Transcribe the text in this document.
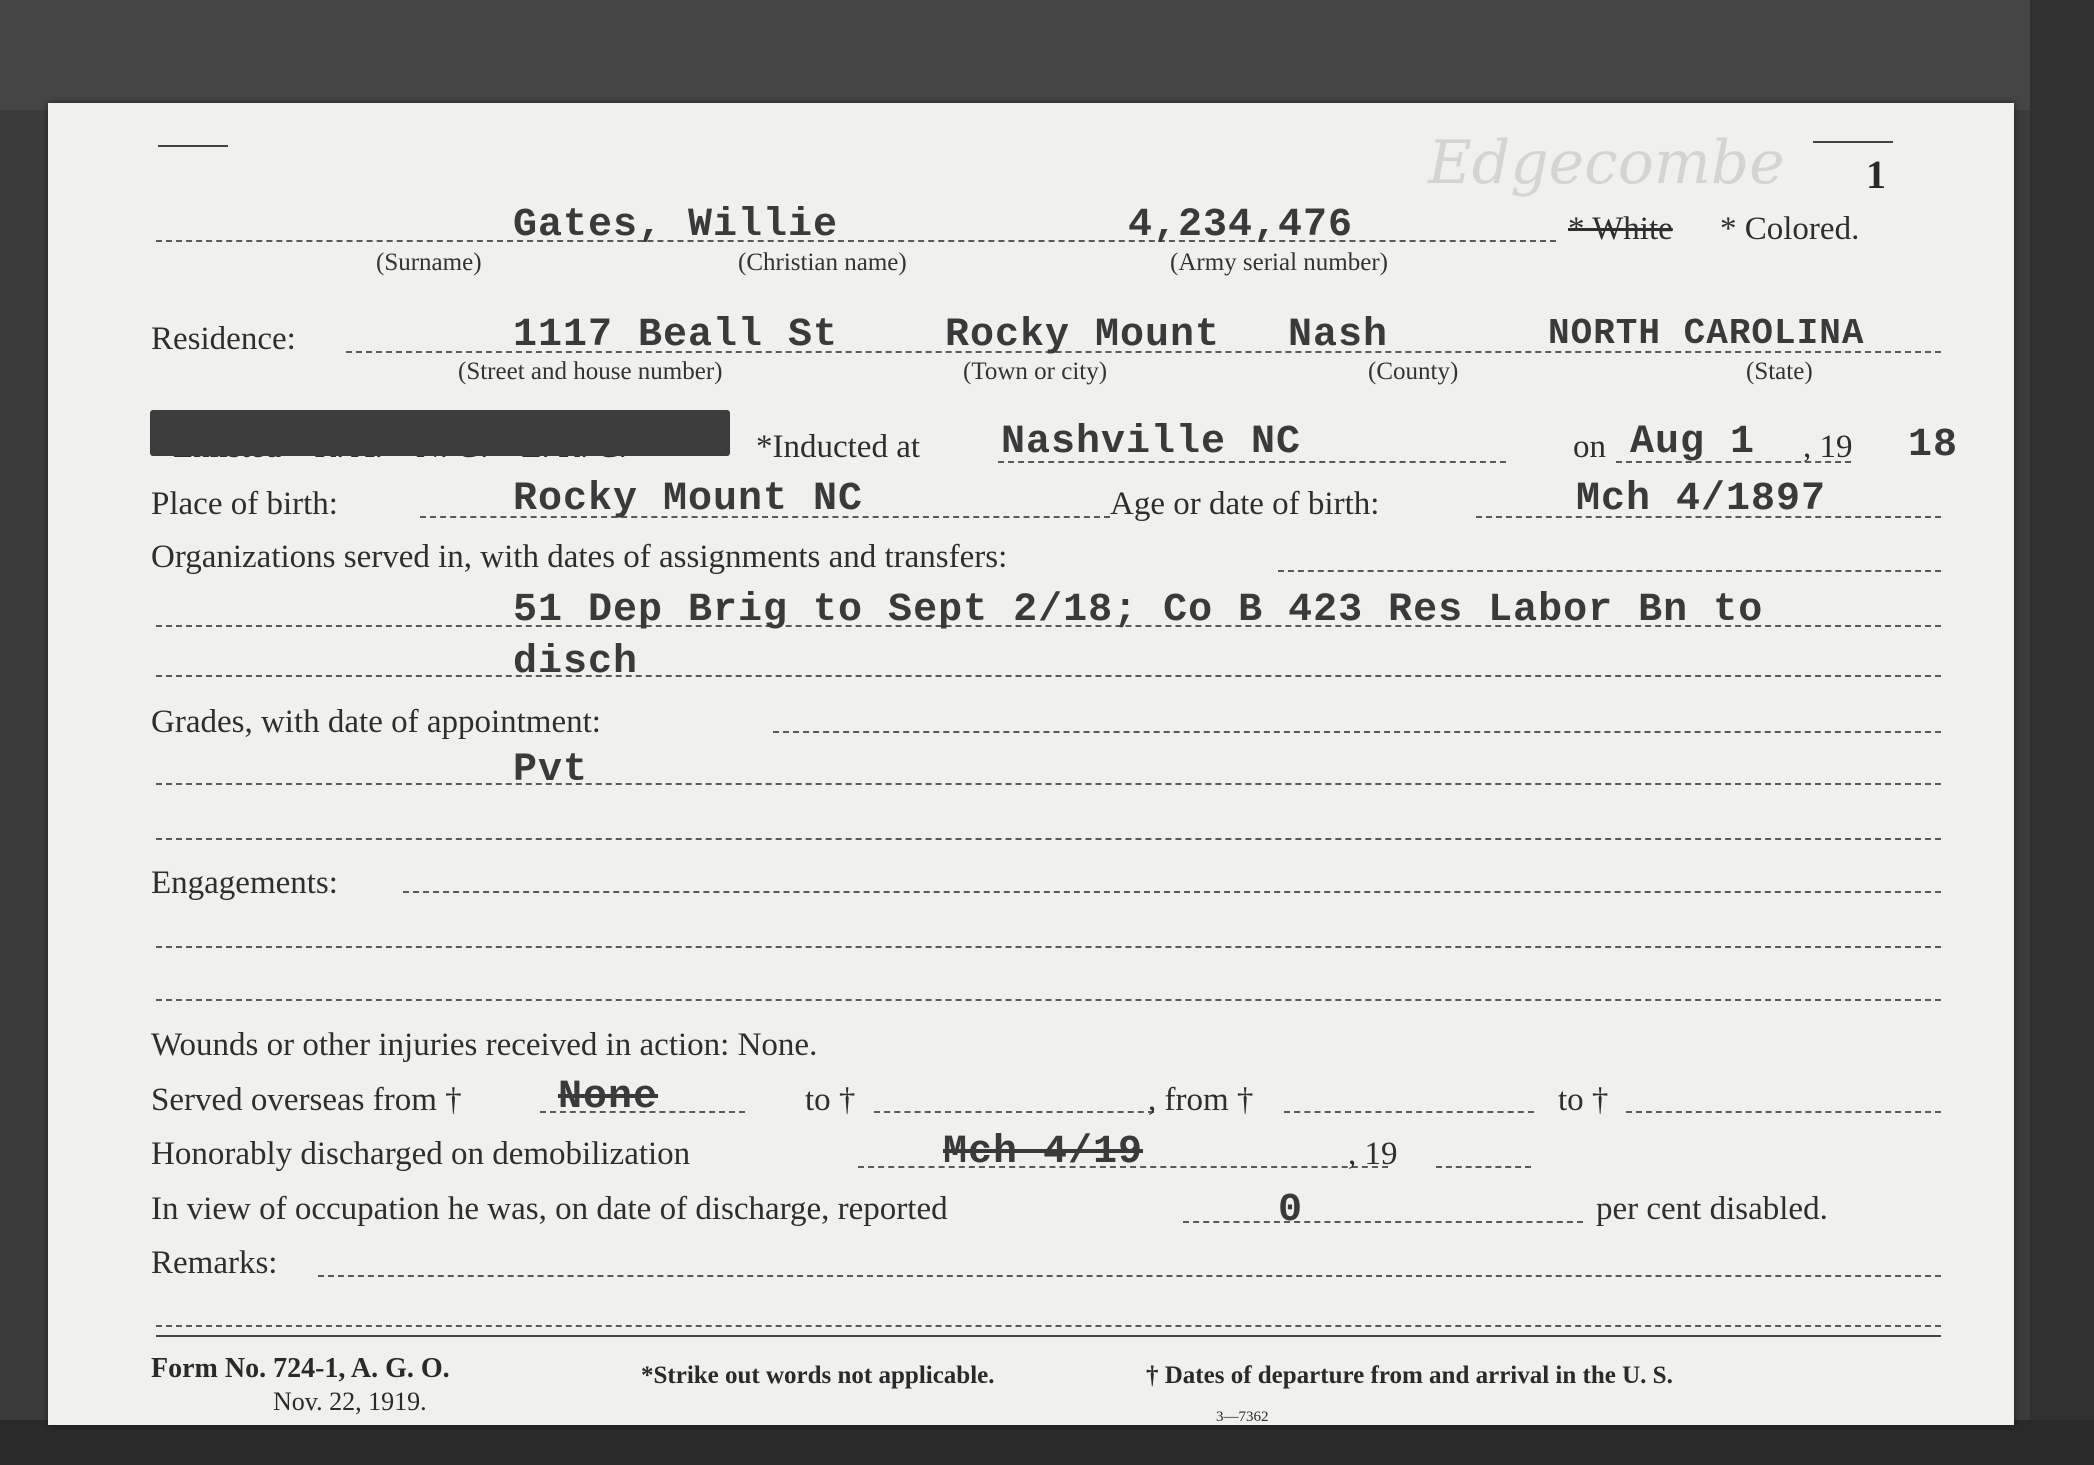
Edgecombe 1
Gates, Willie	4,234,476	* White * Colored.
(Surname)	(Christian name)	(Army serial number)
Residence:	1117 Beall St	Rocky Mount Nash	NORTH CAROLINA
(Street and house number)	(Town or city)	(County)	(State)
*Inducted at Nashville NC	on Aug 1 , 19 18
Place of birth:	Rocky Mount NC	Age or date of birth:	Mch 4/1897
Organizations served in, with dates of assignments and transfers:
51 Dep Brig to Sept 2/18; Co B 423 Res Labor Bn to
disch
Grades, with date of appointment:
Pvt
Engagements:
Wounds or other injuries received in action: None.
Served overseas from † None	to †	, from †	to †
Honorably discharged on demobilization	Mch 4/19	, 19
In view of occupation he was, on date of discharge, reported	0	per cent disabled.
Remarks:
Form No. 724-1, A. G. O.
Nov. 22, 1919.
*Strike out words not applicable.	† Dates of departure from and arrival in the U. S.
3—7362
